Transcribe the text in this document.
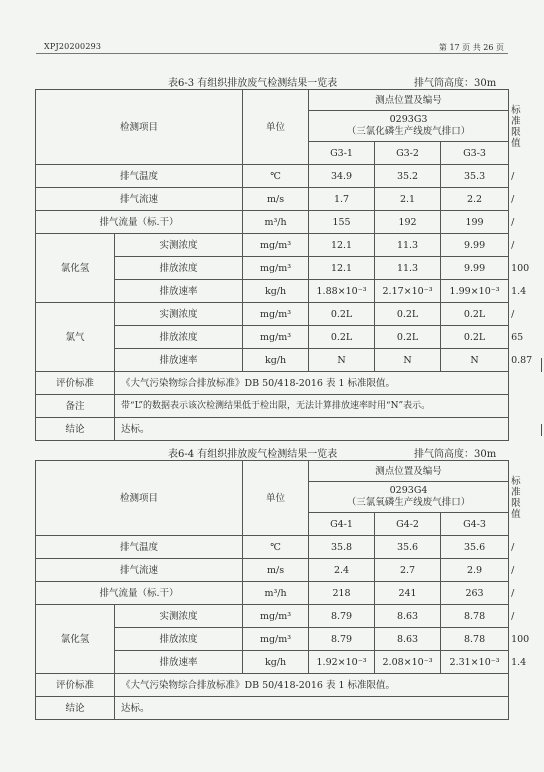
XPJ20200293	第 17 页 共 26 页
表6-3 有组织排放废气检测结果一览表	排气筒高度：30m
检测项目		单位	测点位置及编号			标准限值

			0293G3
（三氯化磷生产线废气排口）			

			G3-1	G3-2	G3-3	
排气温度		℃	34.9	35.2	35.3	/
排气流速		m/s	1.7	2.1	2.2	/
排气流量（标.干）		m³/h	155	192	199	/
氯化氢	实测浓度	mg/m³	12.1	11.3	9.99	/
	排放浓度	mg/m³	12.1	11.3	9.99	100
	排放速率	kg/h	1.88×10⁻³	2.17×10⁻³	1.99×10⁻³	1.4
氯气	实测浓度	mg/m³	0.2L	0.2L	0.2L	/
	排放浓度	mg/m³	0.2L	0.2L	0.2L	65
	排放速率	kg/h	N	N	N	0.87
评价标准	《大气污染物综合排放标准》DB 50/418-2016 表 1 标准限值。					
备注	带“L”的数据表示该次检测结果低于检出限，无法计算排放速率时用“N”表示。					
结论	达标。					
表6-4 有组织排放废气检测结果一览表	排气筒高度：30m
检测项目		单位	测点位置及编号			标准限值

			0293G4
（三氯氧磷生产线废气排口）			

			G4-1	G4-2	G4-3	
排气温度		℃	35.8	35.6	35.6	/
排气流速		m/s	2.4	2.7	2.9	/
排气流量（标.干）		m³/h	218	241	263	/
氯化氢	实测浓度	mg/m³	8.79	8.63	8.78	/
	排放浓度	mg/m³	8.79	8.63	8.78	100
	排放速率	kg/h	1.92×10⁻³	2.08×10⁻³	2.31×10⁻³	1.4
评价标准	《大气污染物综合排放标准》DB 50/418-2016 表 1 标准限值。					
结论	达标。					
